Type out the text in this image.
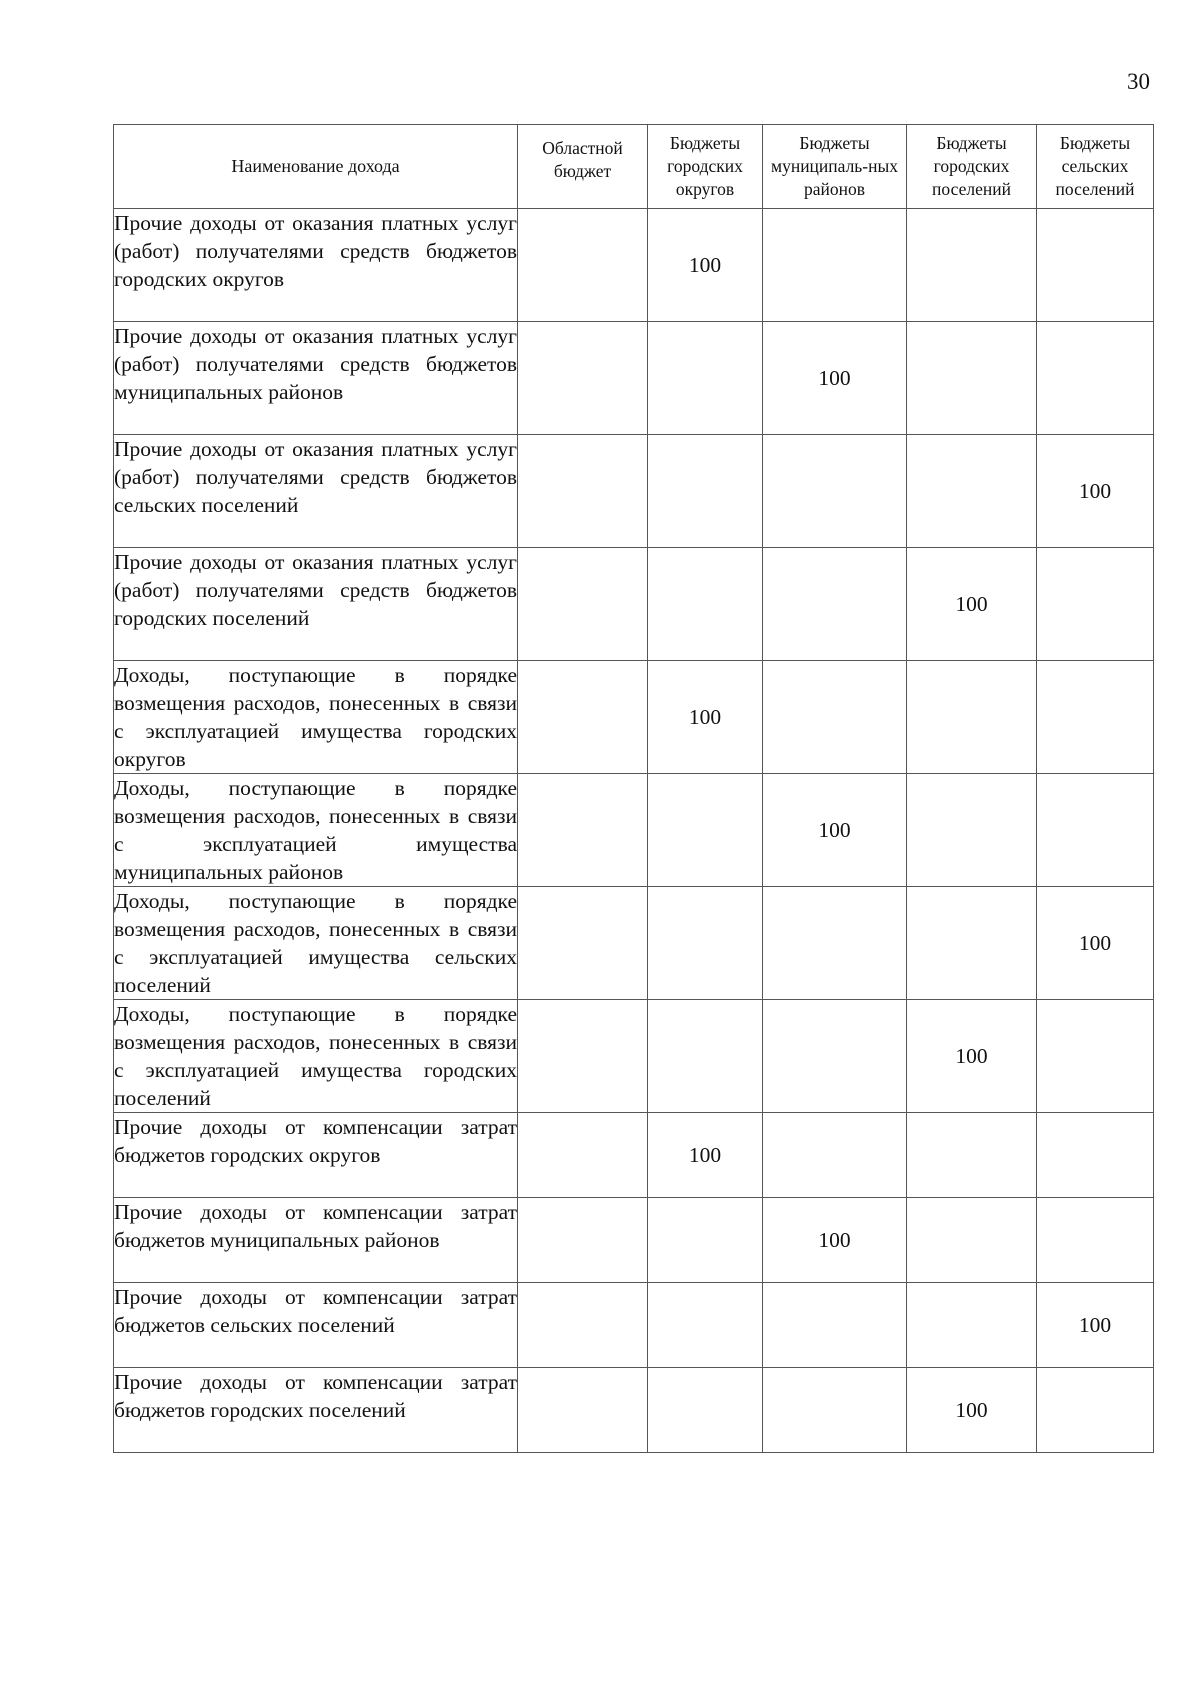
30
Наименование дохода	Областной бюджет	Бюджеты городских округов	Бюджеты муниципаль-ных районов	Бюджеты городских поселений	Бюджеты сельских поселений
Прочие доходы от оказания платных услуг (работ) получателями средств бюджетов городских округов		100			
Прочие доходы от оказания платных услуг (работ) получателями средств бюджетов муниципальных районов			100		
Прочие доходы от оказания платных услуг (работ) получателями средств бюджетов сельских поселений					100
Прочие доходы от оказания платных услуг (работ) получателями средств бюджетов городских поселений				100	
Доходы, поступающие в порядке возмещения расходов, понесенных в связи с эксплуатацией имущества городских округов		100			
Доходы, поступающие в порядке возмещения расходов, понесенных в связи с эксплуатацией имущества муниципальных районов			100		
Доходы, поступающие в порядке возмещения расходов, понесенных в связи с эксплуатацией имущества сельских поселений					100
Доходы, поступающие в порядке возмещения расходов, понесенных в связи с эксплуатацией имущества городских поселений				100	
Прочие доходы от компенсации затрат бюджетов городских округов		100			
Прочие доходы от компенсации затрат бюджетов муниципальных районов			100		
Прочие доходы от компенсации затрат бюджетов сельских поселений					100
Прочие доходы от компенсации затрат бюджетов городских поселений				100	
